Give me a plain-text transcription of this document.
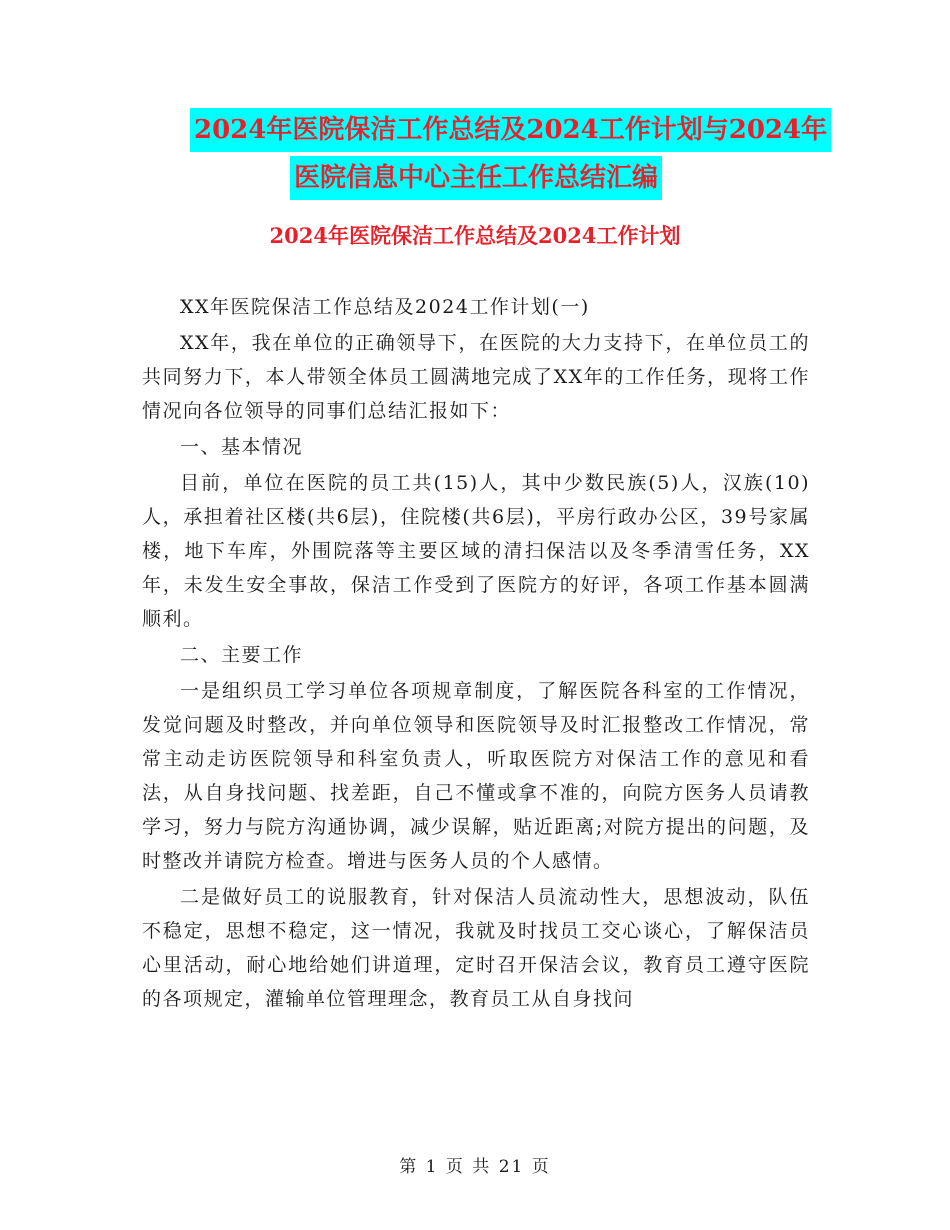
2024年医院保洁工作总结及2024工作计划与2024年
医院信息中心主任工作总结汇编
2024年医院保洁工作总结及2024工作计划

XX年医院保洁工作总结及2024工作计划(一)

XX年，我在单位的正确领导下，在医院的大力支持下，在单位员工的共同努力下，本人带领全体员工圆满地完成了XX年的工作任务，现将工作情况向各位领导的同事们总结汇报如下：

一、基本情况

目前，单位在医院的员工共(15)人，其中少数民族(5)人，汉族(10)人，承担着社区楼(共6层)，住院楼(共6层)，平房行政办公区，39号家属楼，地下车库，外围院落等主要区域的清扫保洁以及冬季清雪任务，XX年，未发生安全事故，保洁工作受到了医院方的好评，各项工作基本圆满顺利。

二、主要工作

一是组织员工学习单位各项规章制度，了解医院各科室的工作情况，发觉问题及时整改，并向单位领导和医院领导及时汇报整改工作情况，常常主动走访医院领导和科室负责人，听取医院方对保洁工作的意见和看法，从自身找问题、找差距，自己不懂或拿不准的，向院方医务人员请教学习，努力与院方沟通协调，减少误解，贴近距离;对院方提出的问题，及时整改并请院方检查。增进与医务人员的个人感情。

二是做好员工的说服教育，针对保洁人员流动性大，思想波动，队伍不稳定，思想不稳定，这一情况，我就及时找员工交心谈心，了解保洁员心里活动，耐心地给她们讲道理，定时召开保洁会议，教育员工遵守医院的各项规定，灌输单位管理理念，教育员工从自身找问

第 1 页 共 21 页
